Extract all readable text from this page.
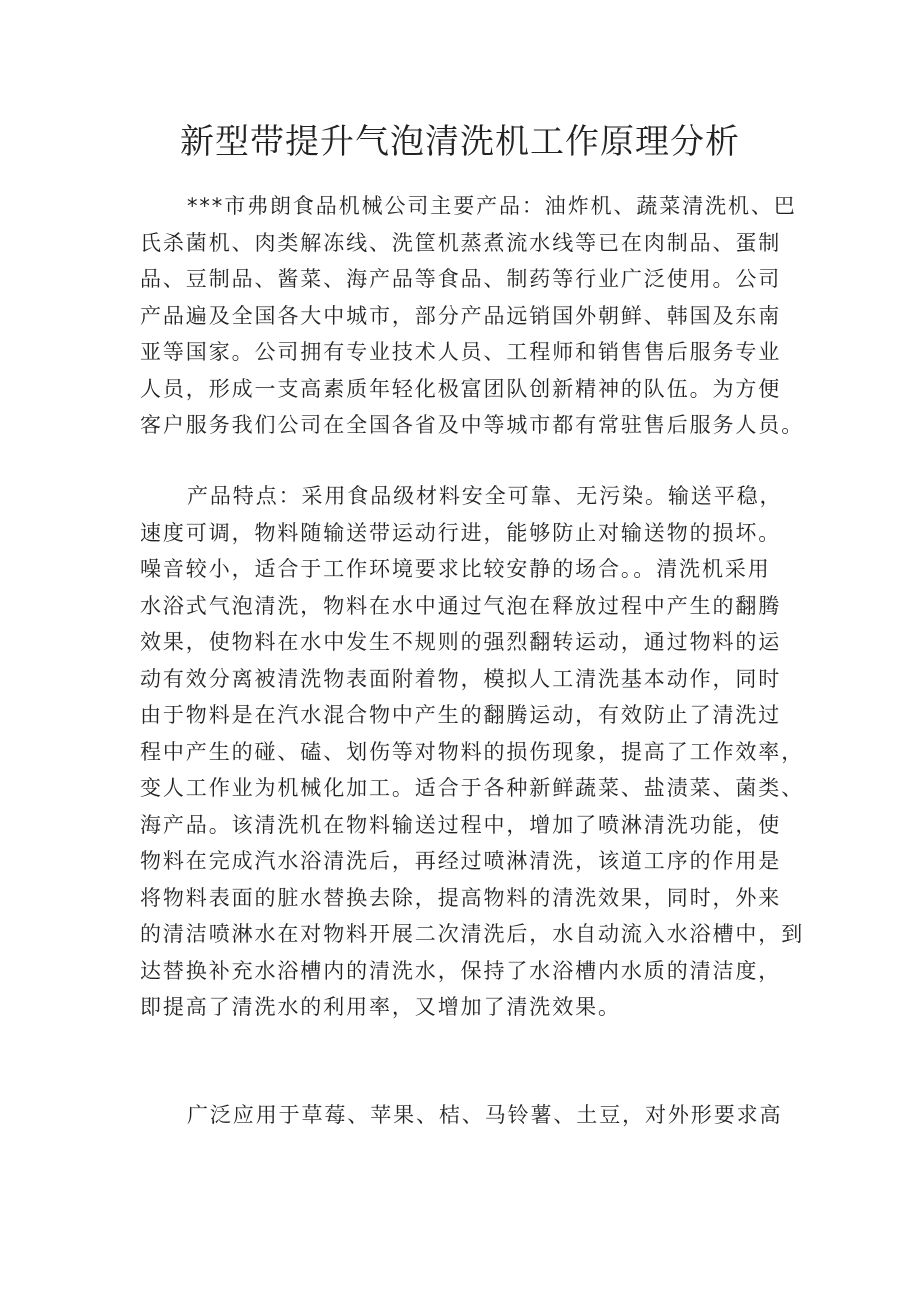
新型带提升气泡清洗机工作原理分析

***市弗朗食品机械公司主要产品：油炸机、蔬菜清洗机、巴
氏杀菌机、肉类解冻线、洗筐机蒸煮流水线等已在肉制品、蛋制
品、豆制品、酱菜、海产品等食品、制药等行业广泛使用。公司
产品遍及全国各大中城市，部分产品远销国外朝鲜、韩国及东南
亚等国家。公司拥有专业技术人员、工程师和销售售后服务专业
人员，形成一支高素质年轻化极富团队创新精神的队伍。为方便
客户服务我们公司在全国各省及中等城市都有常驻售后服务人员。

产品特点：采用食品级材料安全可靠、无污染。输送平稳，
速度可调，物料随输送带运动行进，能够防止对输送物的损坏。
噪音较小，适合于工作环境要求比较安静的场合。。清洗机采用
水浴式气泡清洗，物料在水中通过气泡在释放过程中产生的翻腾
效果，使物料在水中发生不规则的强烈翻转运动，通过物料的运
动有效分离被清洗物表面附着物，模拟人工清洗基本动作，同时
由于物料是在汽水混合物中产生的翻腾运动，有效防止了清洗过
程中产生的碰、磕、划伤等对物料的损伤现象，提高了工作效率，
变人工作业为机械化加工。适合于各种新鲜蔬菜、盐渍菜、菌类、
海产品。该清洗机在物料输送过程中，增加了喷淋清洗功能，使
物料在完成汽水浴清洗后，再经过喷淋清洗，该道工序的作用是
将物料表面的脏水替换去除，提高物料的清洗效果，同时，外来
的清洁喷淋水在对物料开展二次清洗后，水自动流入水浴槽中，到
达替换补充水浴槽内的清洗水，保持了水浴槽内水质的清洁度，
即提高了清洗水的利用率，又增加了清洗效果。

广泛应用于草莓、苹果、桔、马铃薯、土豆，对外形要求高
